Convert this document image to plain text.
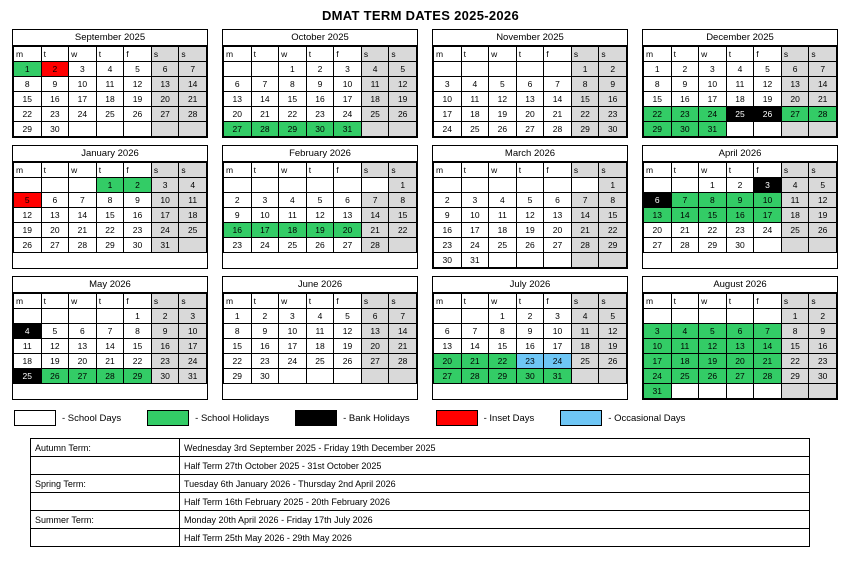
DMAT TERM DATES 2025-2026
September 2025
m	t	w	t	f	s	s
1	2	3	4	5	6	7
8	9	10	11	12	13	14
15	16	17	18	19	20	21
22	23	24	25	26	27	28
29	30					
October 2025
m	t	w	t	f	s	s
		1	2	3	4	5
6	7	8	9	10	11	12
13	14	15	16	17	18	19
20	21	22	23	24	25	26
27	28	29	30	31		
November 2025
m	t	w	t	f	s	s
					1	2
3	4	5	6	7	8	9
10	11	12	13	14	15	16
17	18	19	20	21	22	23
24	25	26	27	28	29	30
December 2025
m	t	w	t	f	s	s
1	2	3	4	5	6	7
8	9	10	11	12	13	14
15	16	17	18	19	20	21
22	23	24	25	26	27	28
29	30	31				
January 2026
m	t	w	t	f	s	s
			1	2	3	4
5	6	7	8	9	10	11
12	13	14	15	16	17	18
19	20	21	22	23	24	25
26	27	28	29	30	31	
February 2026
m	t	w	t	f	s	s
						1
2	3	4	5	6	7	8
9	10	11	12	13	14	15
16	17	18	19	20	21	22
23	24	25	26	27	28	
March 2026
m	t	w	t	f	s	s
						1
2	3	4	5	6	7	8
9	10	11	12	13	14	15
16	17	18	19	20	21	22
23	24	25	26	27	28	29
30	31					
April 2026
m	t	w	t	f	s	s
		1	2	3	4	5
6	7	8	9	10	11	12
13	14	15	16	17	18	19
20	21	22	23	24	25	26
27	28	29	30			
May 2026
m	t	w	t	f	s	s
				1	2	3
4	5	6	7	8	9	10
11	12	13	14	15	16	17
18	19	20	21	22	23	24
25	26	27	28	29	30	31
June 2026
m	t	w	t	f	s	s
1	2	3	4	5	6	7
8	9	10	11	12	13	14
15	16	17	18	19	20	21
22	23	24	25	26	27	28
29	30					
July 2026
m	t	w	t	f	s	s
		1	2	3	4	5
6	7	8	9	10	11	12
13	14	15	16	17	18	19
20	21	22	23	24	25	26
27	28	29	30	31		
August 2026
m	t	w	t	f	s	s
					1	2
3	4	5	6	7	8	9
10	11	12	13	14	15	16
17	18	19	20	21	22	23
24	25	26	27	28	29	30
31						
- School Days	- School Holidays	- Bank Holidays	- Inset Days	- Occasional Days
Autumn Term:	Wednesday 3rd September 2025 - Friday 19th December 2025
	Half Term 27th October 2025 - 31st October 2025
Spring Term:	Tuesday 6th January 2026 - Thursday 2nd April 2026
	Half Term 16th February 2025 - 20th February 2026
Summer Term:	Monday 20th April 2026 - Friday 17th July 2026
	Half Term 25th May 2026 - 29th May 2026
